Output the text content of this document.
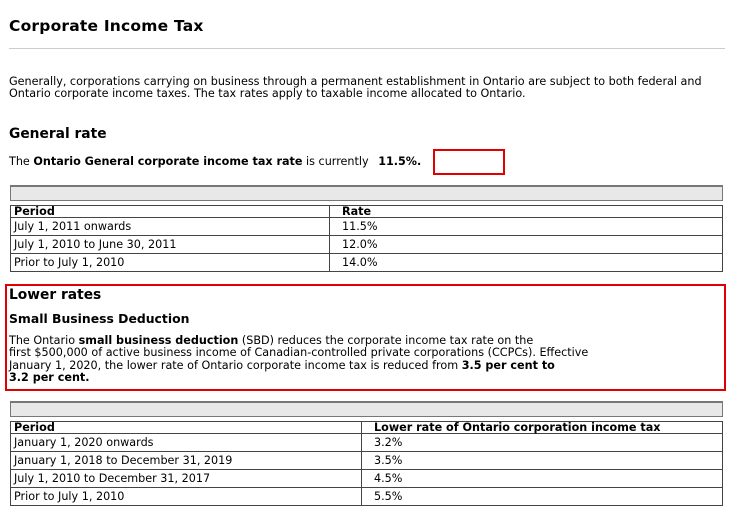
Corporate Income Tax
Generally, corporations carrying on business through a permanent establishment in Ontario are subject to both federal and Ontario corporate income taxes. The tax rates apply to taxable income allocated to Ontario.
General rate
The Ontario General corporate income tax rate is currently 11.5%.
Period	Rate
July 1, 2011 onwards	11.5%
July 1, 2010 to June 30, 2011	12.0%
Prior to July 1, 2010	14.0%
Lower rates
Small Business Deduction
The Ontario small business deduction (SBD) reduces the corporate income tax rate on the
first $500,000 of active business income of Canadian-controlled private corporations (CCPCs). Effective
January 1, 2020, the lower rate of Ontario corporate income tax is reduced from 3.5 per cent to
3.2 per cent.
Period	Lower rate of Ontario corporation income tax
January 1, 2020 onwards	3.2%
January 1, 2018 to December 31, 2019	3.5%
July 1, 2010 to December 31, 2017	4.5%
Prior to July 1, 2010	5.5%
